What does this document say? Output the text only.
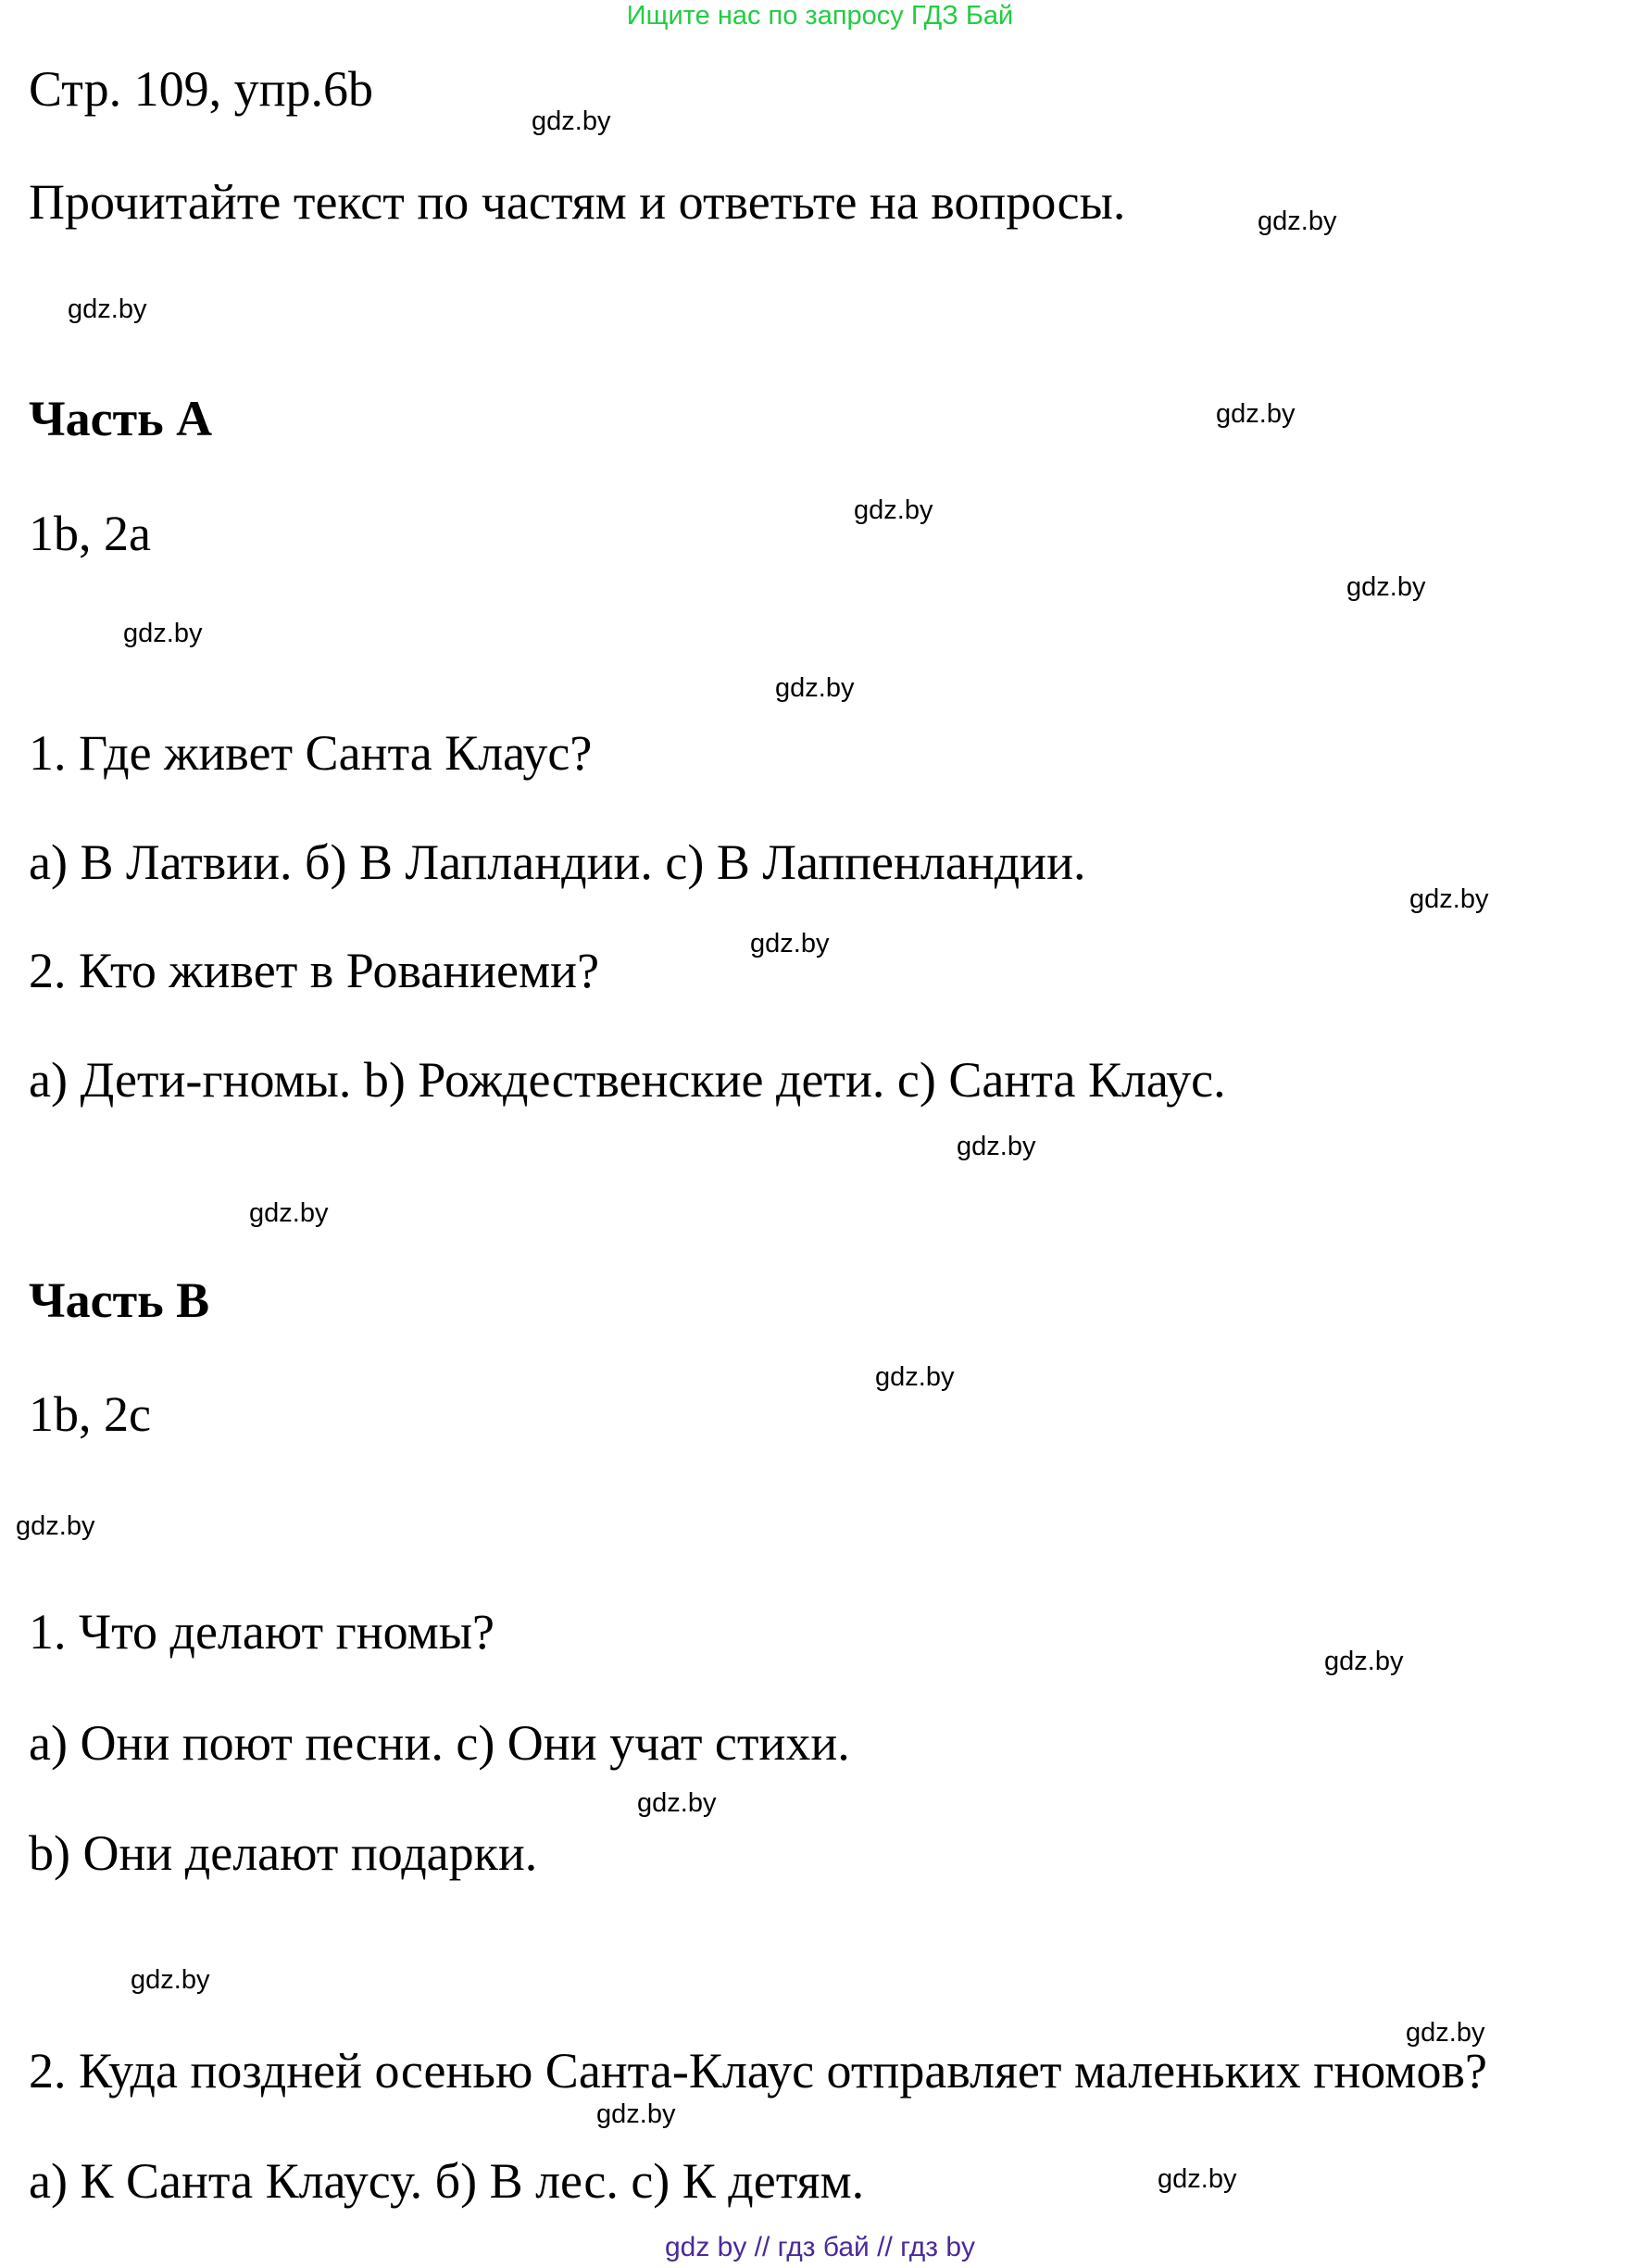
Ищите нас по запросу ГДЗ Бай
Стр. 109, упр.6b
Прочитайте текст по частям и ответьте на вопросы.
Часть А
1b, 2a
1. Где живет Санта Клаус?
a) В Латвии. б) В Лапландии. с) В Лаппенландии.
2. Кто живет в Рованиеми?
a) Дети-гномы. b) Рождественские дети. с) Санта Клаус.
Часть В
1b, 2c
1. Что делают гномы?
a) Они поют песни. с) Они учат стихи.
b) Они делают подарки.
2. Куда поздней осенью Санта-Клаус отправляет маленьких гномов?
a) К Санта Клаусу. б) В лес. с) К детям.
gdz.by
gdz.by
gdz.by
gdz.by
gdz.by
gdz.by
gdz.by
gdz.by
gdz.by
gdz.by
gdz.by
gdz.by
gdz.by
gdz.by
gdz.by
gdz.by
gdz.by
gdz.by
gdz.by
gdz.by
gdz by // гдз бай // гдз by
